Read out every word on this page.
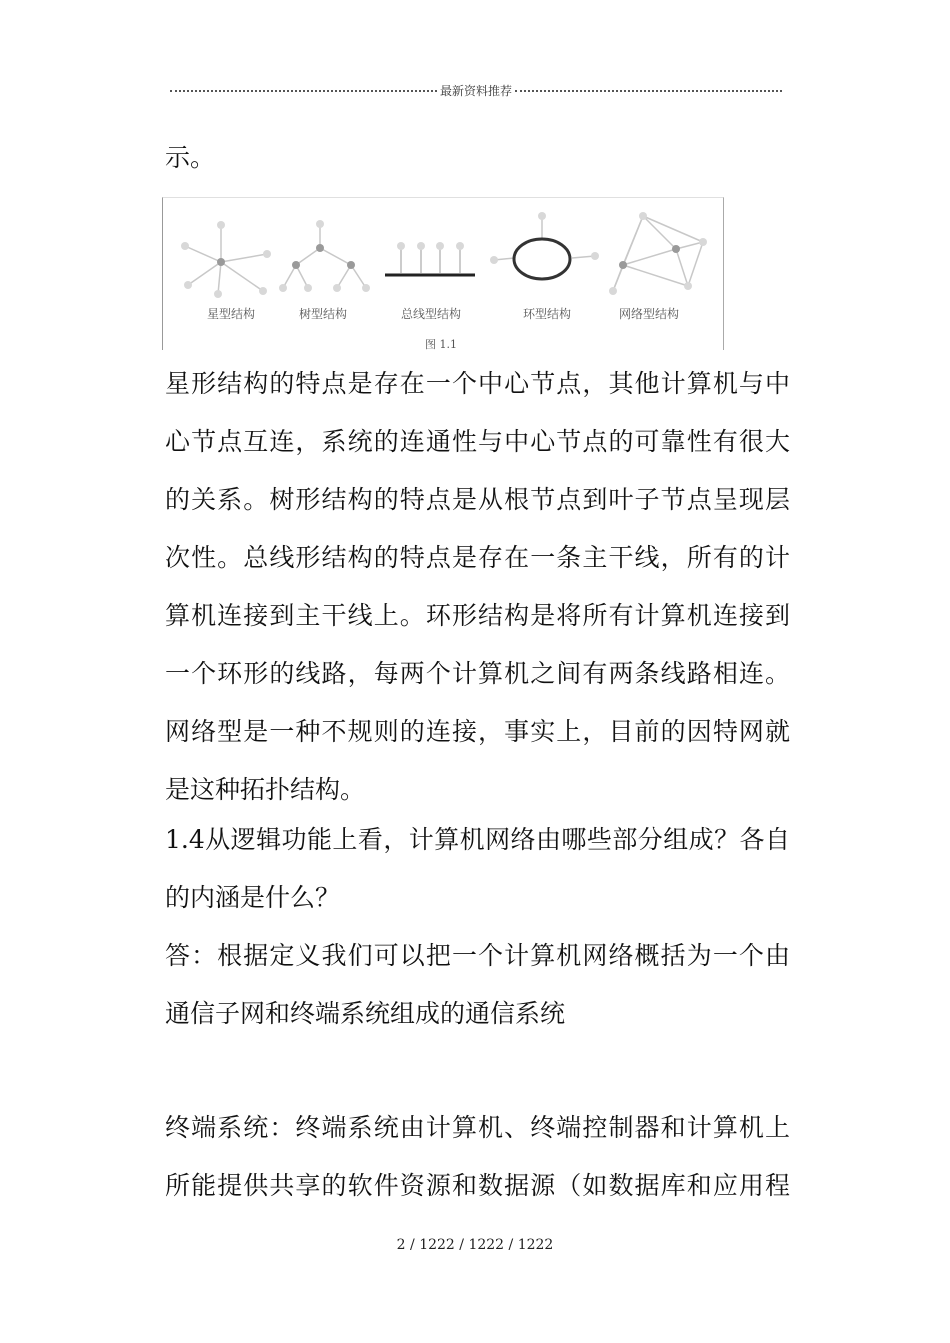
最新资料推荐
示。
星型结构	树型结构	总线型结构	环型结构	网络型结构
图 1.1
星形结构的特点是存在一个中心节点，其他计算机与中
心节点互连，系统的连通性与中心节点的可靠性有很大
的关系。树形结构的特点是从根节点到叶子节点呈现层
次性。总线形结构的特点是存在一条主干线，所有的计
算机连接到主干线上。环形结构是将所有计算机连接到
一个环形的线路，每两个计算机之间有两条线路相连。
网络型是一种不规则的连接，事实上，目前的因特网就
是这种拓扑结构。
1.4从逻辑功能上看，计算机网络由哪些部分组成？各自
的内涵是什么？
答：根据定义我们可以把一个计算机网络概括为一个由
通信子网和终端系统组成的通信系统
终端系统：终端系统由计算机、终端控制器和计算机上
所能提供共享的软件资源和数据源（如数据库和应用程
2 / 1222 / 1222 / 1222
